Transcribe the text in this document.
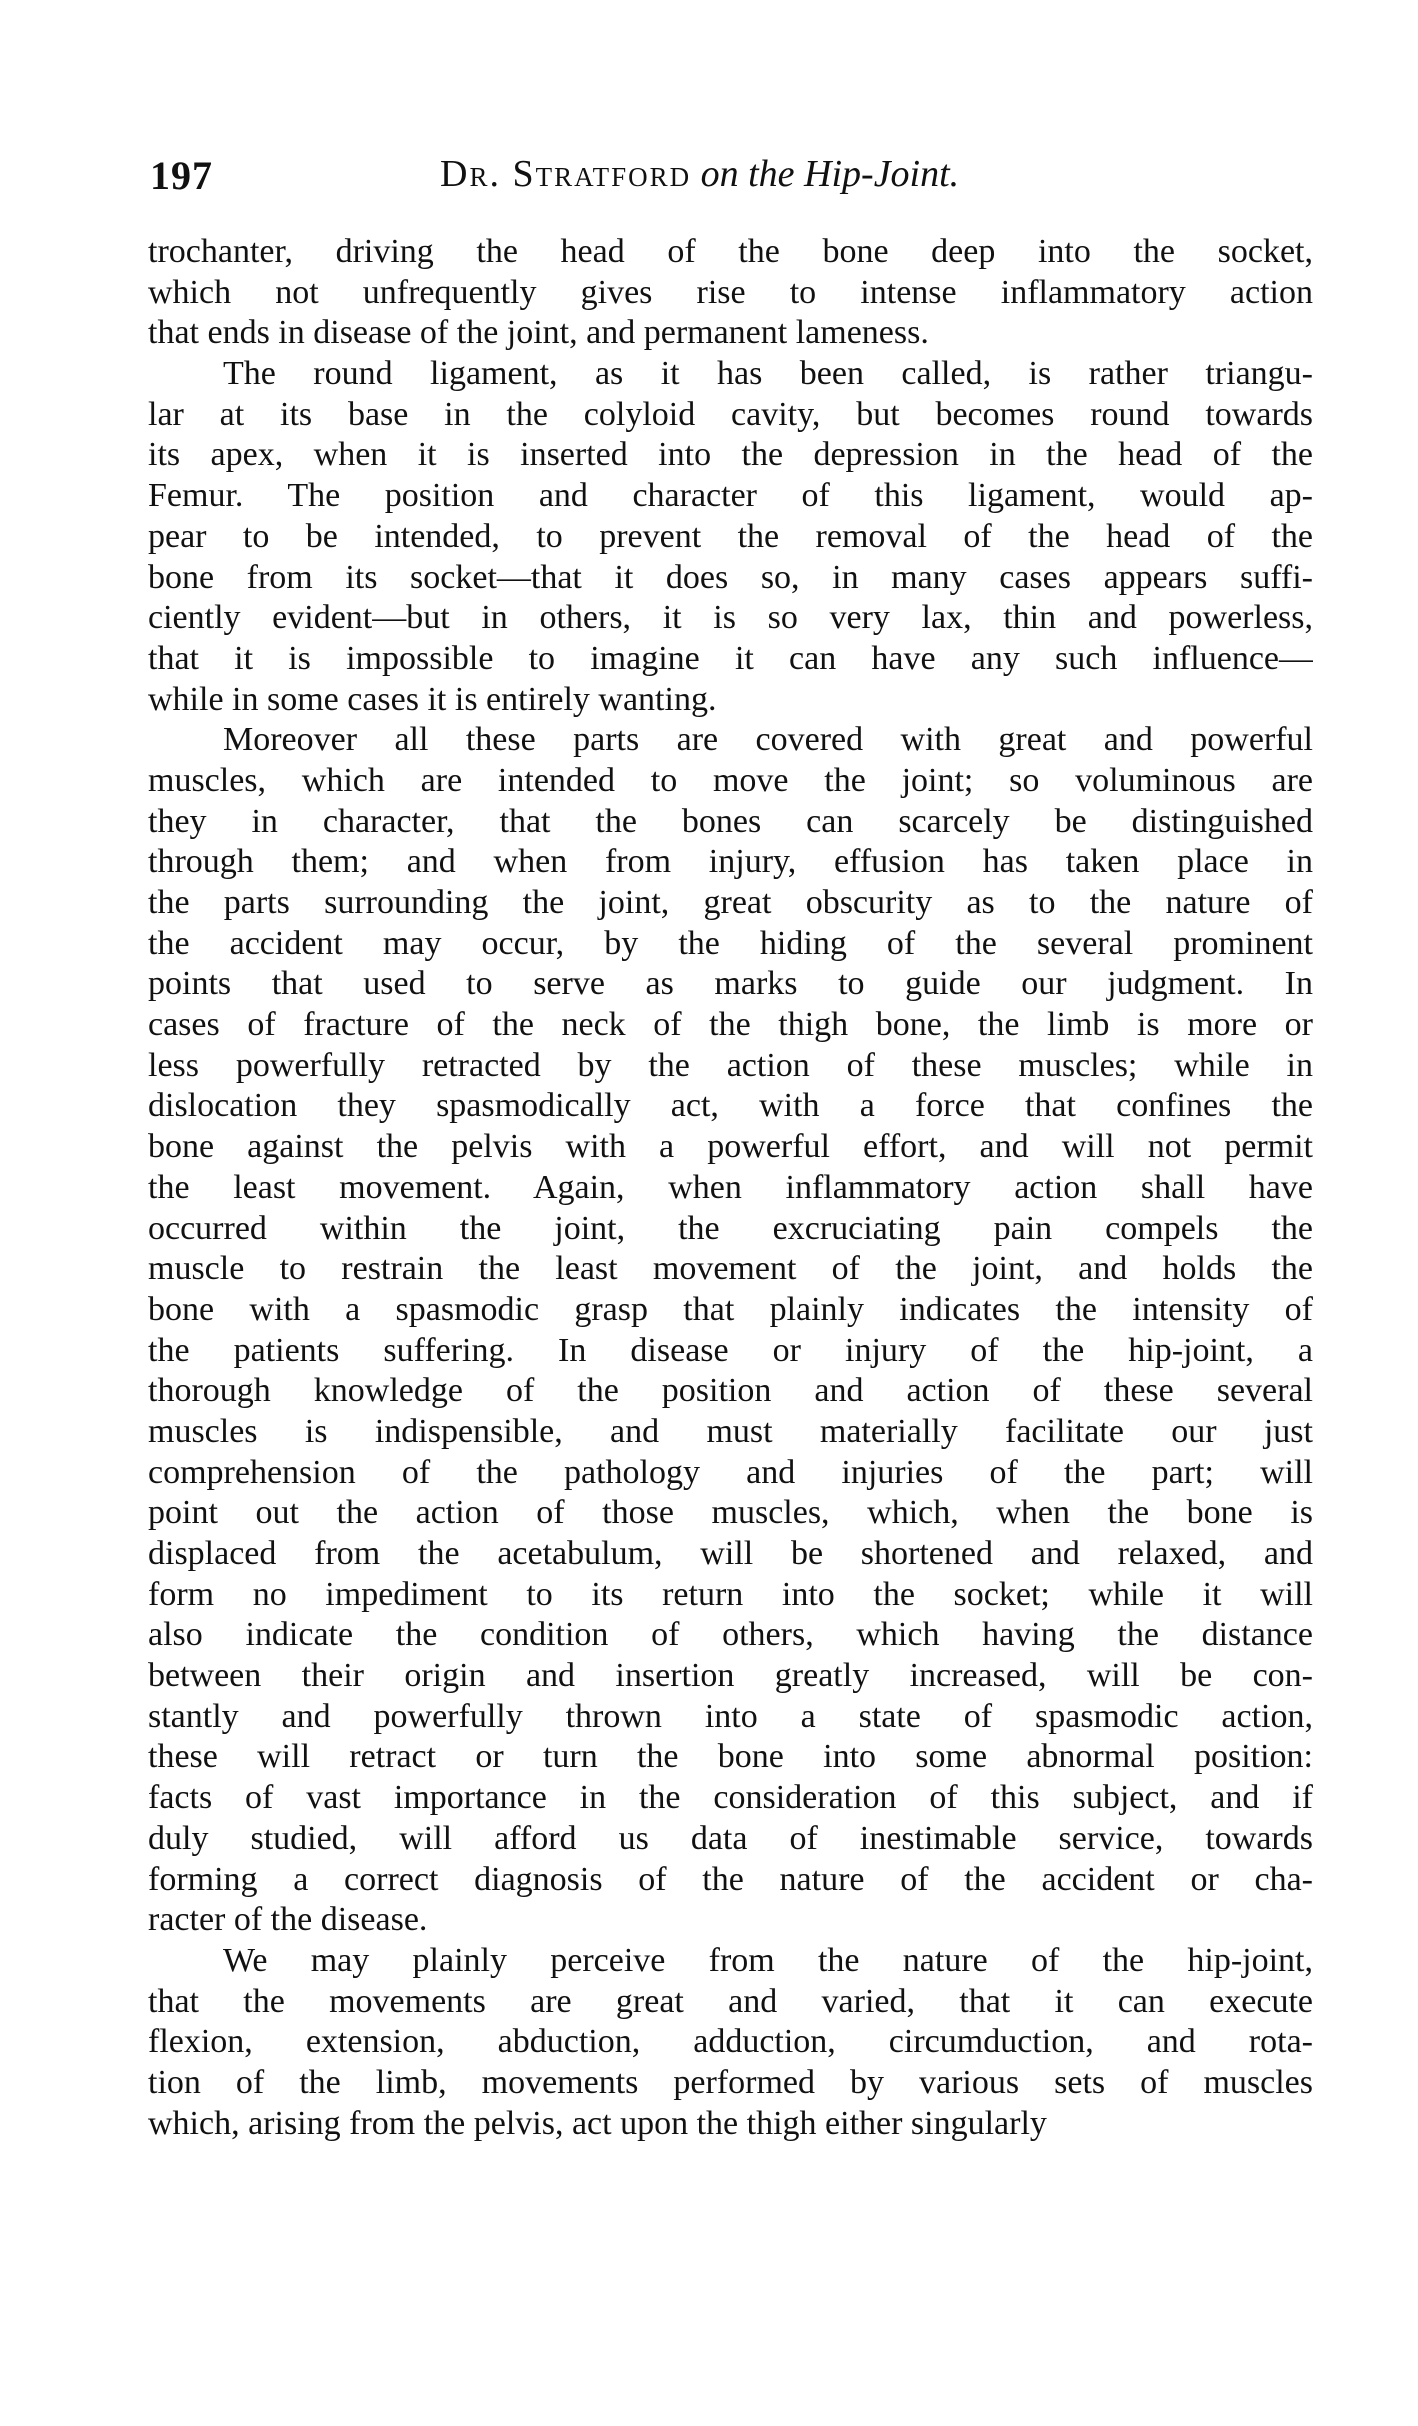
197	Dr. Stratford on the Hip-Joint.
trochanter, driving the head of the bone deep into the socket,
which not unfrequently gives rise to intense inflammatory action
that ends in disease of the joint, and permanent lameness.
The round ligament, as it has been called, is rather triangu-
lar at its base in the colyloid cavity, but becomes round towards
its apex, when it is inserted into the depression in the head of the
Femur. The position and character of this ligament, would ap-
pear to be intended, to prevent the removal of the head of the
bone from its socket—that it does so, in many cases appears suffi-
ciently evident—but in others, it is so very lax, thin and powerless,
that it is impossible to imagine it can have any such influence—
while in some cases it is entirely wanting.
Moreover all these parts are covered with great and powerful
muscles, which are intended to move the joint; so voluminous are
they in character, that the bones can scarcely be distinguished
through them; and when from injury, effusion has taken place in
the parts surrounding the joint, great obscurity as to the nature of
the accident may occur, by the hiding of the several prominent
points that used to serve as marks to guide our judgment. In
cases of fracture of the neck of the thigh bone, the limb is more or
less powerfully retracted by the action of these muscles; while in
dislocation they spasmodically act, with a force that confines the
bone against the pelvis with a powerful effort, and will not permit
the least movement. Again, when inflammatory action shall have
occurred within the joint, the excruciating pain compels the
muscle to restrain the least movement of the joint, and holds the
bone with a spasmodic grasp that plainly indicates the intensity of
the patients suffering. In disease or injury of the hip-joint, a
thorough knowledge of the position and action of these several
muscles is indispensible, and must materially facilitate our just
comprehension of the pathology and injuries of the part; will
point out the action of those muscles, which, when the bone is
displaced from the acetabulum, will be shortened and relaxed, and
form no impediment to its return into the socket; while it will
also indicate the condition of others, which having the distance
between their origin and insertion greatly increased, will be con-
stantly and powerfully thrown into a state of spasmodic action,
these will retract or turn the bone into some abnormal position:
facts of vast importance in the consideration of this subject, and if
duly studied, will afford us data of inestimable service, towards
forming a correct diagnosis of the nature of the accident or cha-
racter of the disease.
We may plainly perceive from the nature of the hip-joint,
that the movements are great and varied, that it can execute
flexion, extension, abduction, adduction, circumduction, and rota-
tion of the limb, movements performed by various sets of muscles
which, arising from the pelvis, act upon the thigh either singularly
